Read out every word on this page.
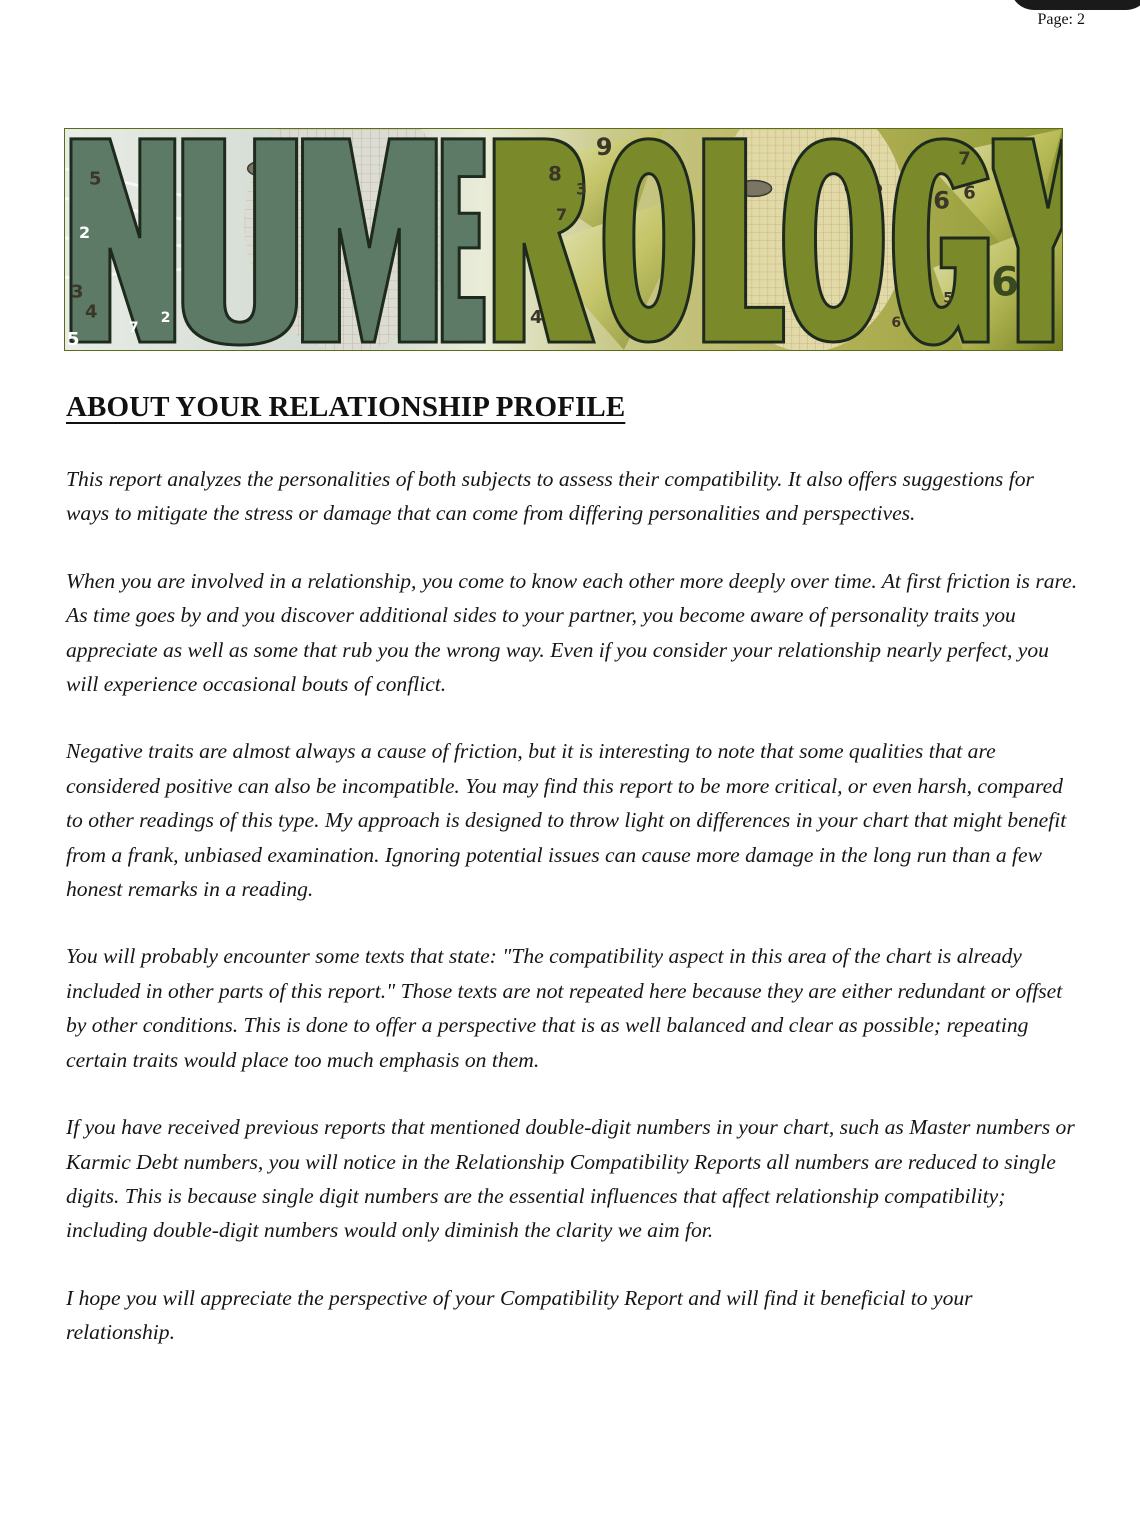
Page: 2
5
2
3
7
4
5
8
9
3
7
6
7
6
6
5
6
4
2
ABOUT YOUR RELATIONSHIP PROFILE

This report analyzes the personalities of both subjects to assess their compatibility. It also offers suggestions for ways to mitigate the stress or damage that can come from differing personalities and perspectives.

When you are involved in a relationship, you come to know each other more deeply over time. At first friction is rare. As time goes by and you discover additional sides to your partner, you become aware of personality traits you appreciate as well as some that rub you the wrong way. Even if you consider your relationship nearly perfect, you will experience occasional bouts of conflict.

Negative traits are almost always a cause of friction, but it is interesting to note that some qualities that are considered positive can also be incompatible. You may find this report to be more critical, or even harsh, compared to other readings of this type. My approach is designed to throw light on differences in your chart that might benefit from a frank, unbiased examination. Ignoring potential issues can cause more damage in the long run than a few honest remarks in a reading.

You will probably encounter some texts that state: "The compatibility aspect in this area of the chart is already included in other parts of this report." Those texts are not repeated here because they are either redundant or offset by other conditions. This is done to offer a perspective that is as well balanced and clear as possible; repeating certain traits would place too much emphasis on them.

If you have received previous reports that mentioned double-digit numbers in your chart, such as Master numbers or Karmic Debt numbers, you will notice in the Relationship Compatibility Reports all numbers are reduced to single digits. This is because single digit numbers are the essential influences that affect relationship compatibility; including double-digit numbers would only diminish the clarity we aim for.

I hope you will appreciate the perspective of your Compatibility Report and will find it beneficial to your relationship.
